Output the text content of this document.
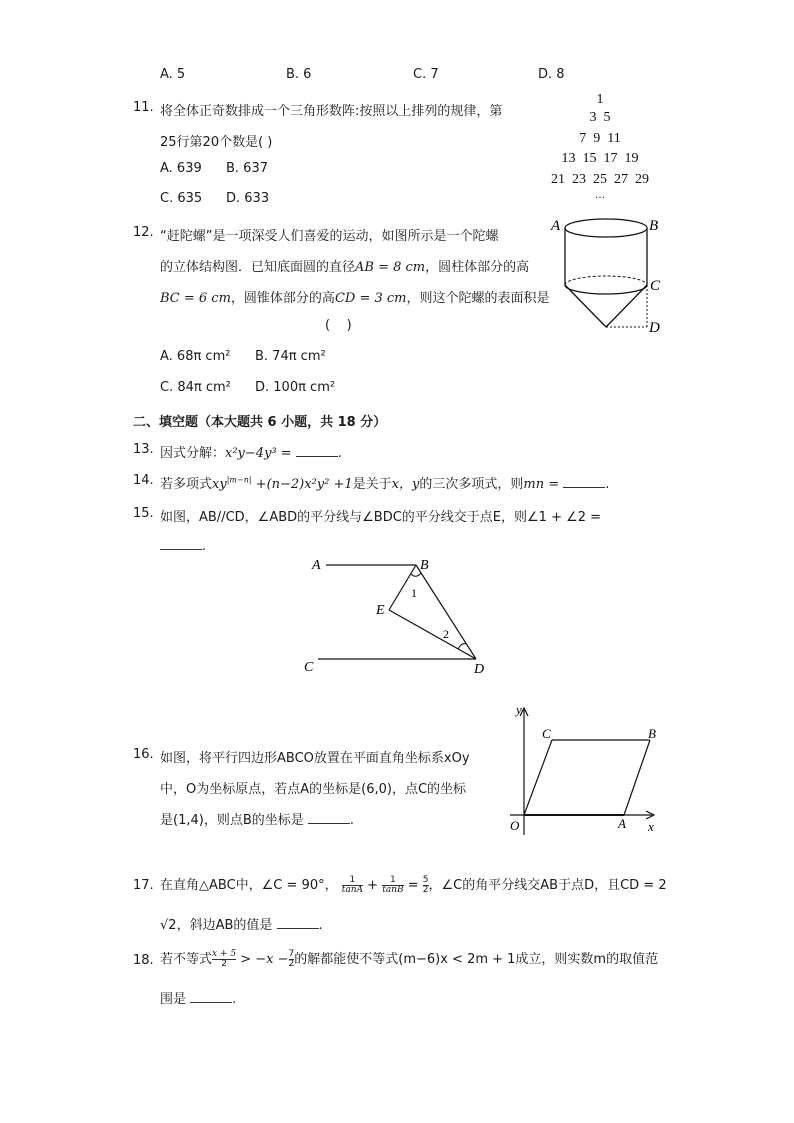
A. 5	B. 6	C. 7	D. 8
11. 将全体正奇数排成一个三角形数阵:按照以上排列的规律，第
25行第20个数是( )
A. 639 B. 637
C. 635 D. 633
1
3  5
7  9  11
13  15  17  19
21  23  25  27  29
…
12. “赶陀螺”是一项深受人们喜爱的运动，如图所示是一个陀螺
的立体结构图．已知底面圆的直径AB = 8 cm，圆柱体部分的高
BC = 6 cm，圆锥体部分的高CD = 3 cm，则这个陀螺的表面积是
(    )
A. 68π cm² B. 74π cm²
C. 84π cm² D. 100π cm²
A	B
C
D
二、填空题（本大题共 6 小题，共 18 分）
13. 因式分解：x²y−4y³ =	.
14. 若多项式$xy^{|m-n|} +(n-2)x^2y^2 +1$是关于x，y的三次多项式，则mn =	.
15. 如图，AB//CD，∠ABD的平分线与∠BDC的平分线交于点E，则∠1 + ∠2 =
.
A	B
E
C	D
1
2
16. 如图，将平行四边形ABCO放置在平面直角坐标系xOy
中，O为坐标原点，若点A的坐标是(6,0)，点C的坐标
是(1,4)，则点B的坐标是	.
y
x
O	A
C	B
17. 在直角△ABC中，∠C = 90°， $\frac{1}{\tan A} + \frac{1}{\tan B} = \frac{5}{2}$ ，∠C的角平分线交AB于点D，且CD = 2
√2，斜边AB的值是	.
18. 若不等式 $\frac{x + 5}{2} > -x - \frac{7}{2}$ 的解都能使不等式(m−6)x < 2m + 1成立，则实数m的取值范
围是	.
